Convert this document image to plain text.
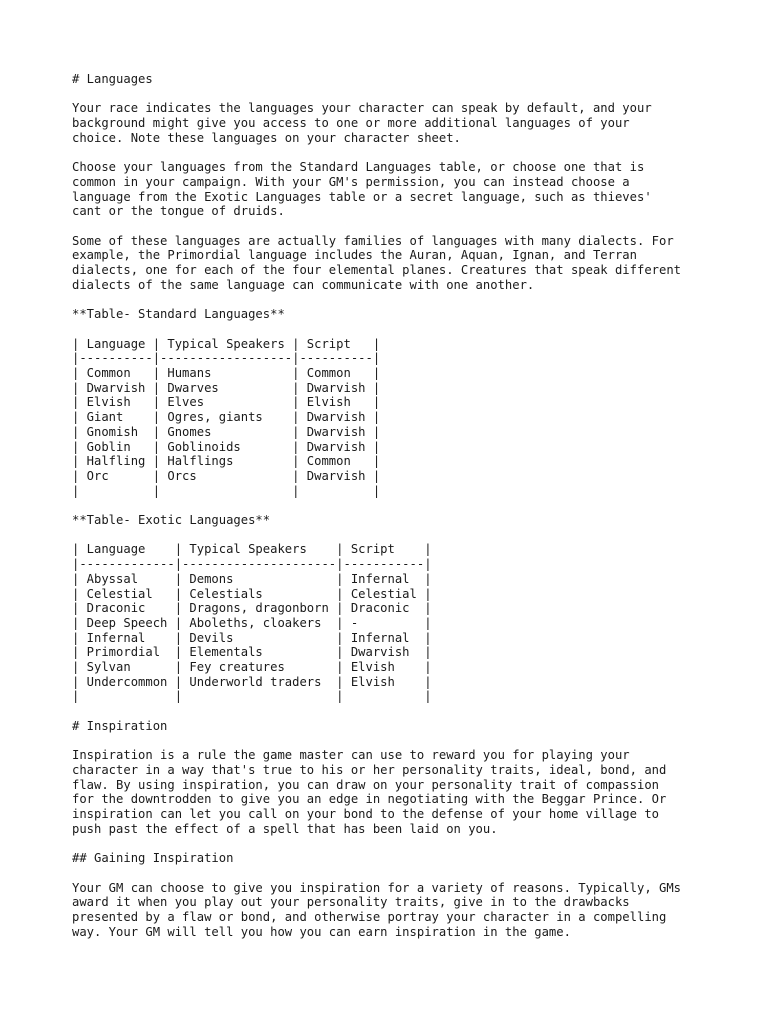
# Languages
Your race indicates the languages your character can speak by default, and your
background might give you access to one or more additional languages of your
choice. Note these languages on your character sheet.
Choose your languages from the Standard Languages table, or choose one that is
common in your campaign. With your GM's permission, you can instead choose a
language from the Exotic Languages table or a secret language, such as thieves'
cant or the tongue of druids.
Some of these languages are actually families of languages with many dialects. For
example, the Primordial language includes the Auran, Aquan, Ignan, and Terran
dialects, one for each of the four elemental planes. Creatures that speak different
dialects of the same language can communicate with one another.
**Table- Standard Languages**
| Language | Typical Speakers | Script   |
|----------|------------------|----------|
| Common   | Humans           | Common   |
| Dwarvish | Dwarves          | Dwarvish |
| Elvish   | Elves            | Elvish   |
| Giant    | Ogres, giants    | Dwarvish |
| Gnomish  | Gnomes           | Dwarvish |
| Goblin   | Goblinoids       | Dwarvish |
| Halfling | Halflings        | Common   |
| Orc      | Orcs             | Dwarvish |
|          |                  |          |
**Table- Exotic Languages**
| Language    | Typical Speakers    | Script    |
|-------------|---------------------|-----------|
| Abyssal     | Demons              | Infernal  |
| Celestial   | Celestials          | Celestial |
| Draconic    | Dragons, dragonborn | Draconic  |
| Deep Speech | Aboleths, cloakers  | -         |
| Infernal    | Devils              | Infernal  |
| Primordial  | Elementals          | Dwarvish  |
| Sylvan      | Fey creatures       | Elvish    |
| Undercommon | Underworld traders  | Elvish    |
|             |                     |           |
# Inspiration
Inspiration is a rule the game master can use to reward you for playing your
character in a way that's true to his or her personality traits, ideal, bond, and
flaw. By using inspiration, you can draw on your personality trait of compassion
for the downtrodden to give you an edge in negotiating with the Beggar Prince. Or
inspiration can let you call on your bond to the defense of your home village to
push past the effect of a spell that has been laid on you.
## Gaining Inspiration
Your GM can choose to give you inspiration for a variety of reasons. Typically, GMs
award it when you play out your personality traits, give in to the drawbacks
presented by a flaw or bond, and otherwise portray your character in a compelling
way. Your GM will tell you how you can earn inspiration in the game.
